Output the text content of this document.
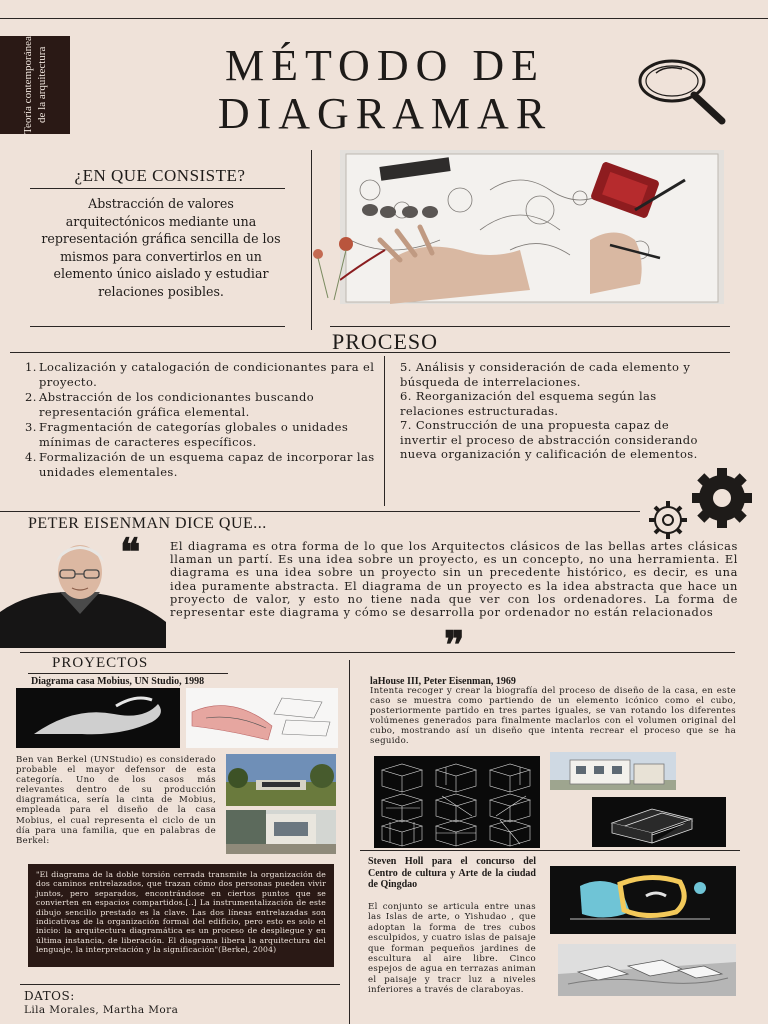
Teoría contemporánea de la arquitectura	MÉTODO DE
DIAGRAMAR
¿EN QUE CONSISTE?
Abstracción de valores arquitectónicos mediante una representación gráfica sencilla de los mismos para convertirlos en un elemento único aislado y estudiar relaciones posibles.
PROCESO
1. Localización y catalogación de condicionantes para el proyecto.
2. Abstracción de los condicionantes buscando representación gráfica elemental.
3. Fragmentación de categorías globales o unidades mínimas de caracteres específicos.
4. Formalización de un esquema capaz de incorporar las unidades elementales.

5. Análisis y consideración de cada elemento y búsqueda de interrelaciones.

6. Reorganización del esquema según las relaciones estructuradas.

7. Construcción de una propuesta capaz de invertir el proceso de abstracción considerando nueva organización y calificación de elementos.

PETER EISENMAN DICE QUE...
❝	El diagrama es otra forma de lo que los Arquitectos clásicos de las bellas artes clásicas llaman un partí. Es una idea sobre un proyecto, es un concepto, no una herramienta. El diagrama es una idea sobre un proyecto sin un precedente histórico, es decir, es una idea puramente abstracta. El diagrama de un proyecto es la idea abstracta que hace un proyecto de valor, y esto no tiene nada que ver con los ordenadores. La forma de representar este diagrama y cómo se desarrolla por ordenador no están relacionados
❞
PROYECTOS
Diagrama casa Mobius, UN Studio, 1998
Ben van Berkel (UNStudio) es considerado probable el mayor defensor de esta categoría. Uno de los casos más relevantes dentro de su producción diagramática, sería la cinta de Mobius, empleada para el diseño de la casa Mobius, el cual representa el ciclo de un día para una familia, que en palabras de Berkel:

"El diagrama de la doble torsión cerrada transmite la organización de dos caminos entrelazados, que trazan cómo dos personas pueden vivir juntos, pero separados, encontrándose en ciertos puntos que se convierten en espacios compartidos.[..] La instrumentalización de este dibujo sencillo prestado es la clave. Las dos líneas entrelazadas son indicativas de la organización formal del edificio, pero esto es solo el inicio: la arquitectura diagramática es un proceso de despliegue y en última instancia, de liberación. El diagrama libera la arquitectura del lenguaje, la interpretación y la significación"(Berkel, 2004)

laHouse III, Peter Eisenman, 1969
Intenta recoger y crear la biografía del proceso de diseño de la casa, en este caso se muestra como partiendo de un elemento icónico como el cubo, posteriormente partido en tres partes iguales, se van rotando los diferentes volúmenes generados para finalmente maclarlos con el volumen original del cubo, mostrando así un diseño que intenta recrear el proceso que se ha seguido.
Steven Holl para el concurso del Centro de cultura y Arte de la ciudad de Qingdao
El conjunto se articula entre unas las Islas de arte, o Yishudao , que adoptan la forma de tres cubos esculpidos, y cuatro islas de paisaje que forman pequeños jardines de escultura al aire libre. Cinco espejos de agua en terrazas animan el paisaje y tracr luz a niveles inferiores a través de claraboyas.
DATOS:
Lila Morales, Martha Mora
